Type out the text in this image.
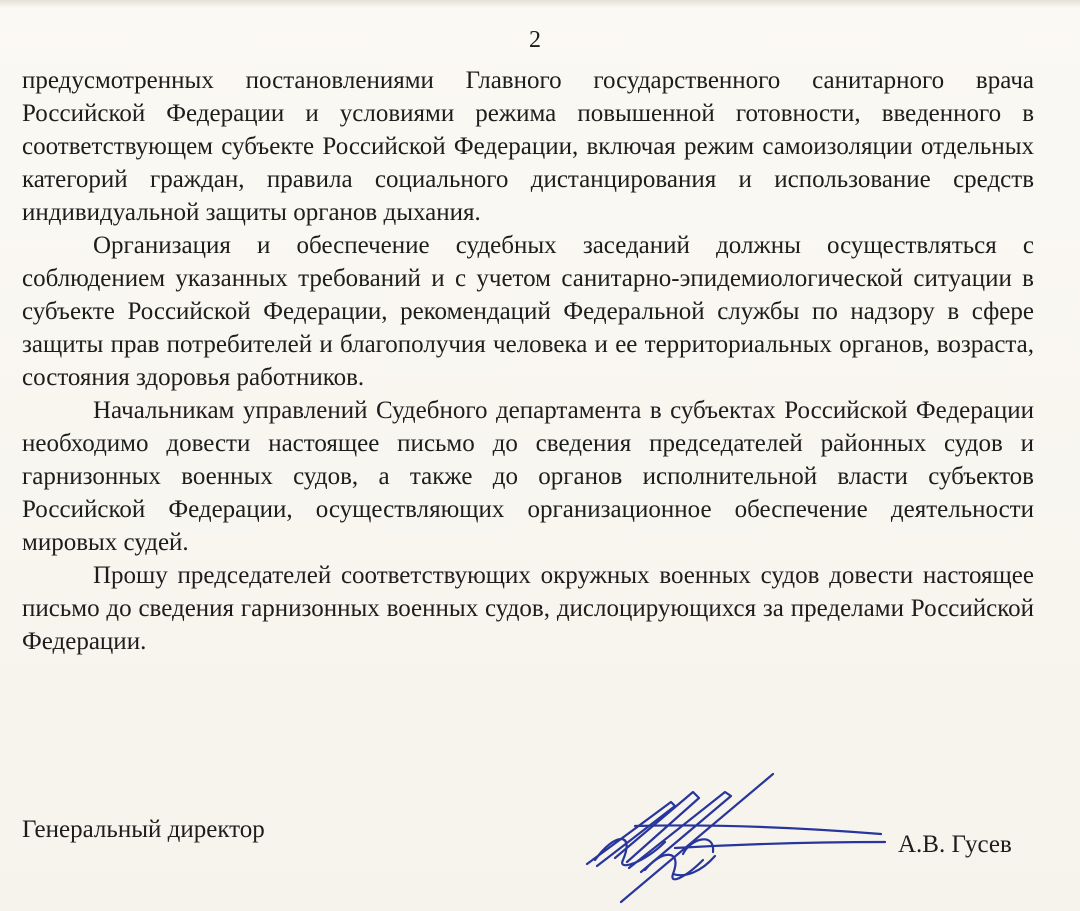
2

предусмотренных постановлениями Главного государственного санитарного врача Российской Федерации и условиями режима повышенной готовности, введенного в соответствующем субъекте Российской Федерации, включая режим самоизоляции отдельных категорий граждан, правила социального дистанцирования и использование средств индивидуальной защиты органов дыхания.

Организация и обеспечение судебных заседаний должны осуществляться с соблюдением указанных требований и с учетом санитарно-эпидемиологической ситуации в субъекте Российской Федерации, рекомендаций Федеральной службы по надзору в сфере защиты прав потребителей и благополучия человека и ее территориальных органов, возраста, состояния здоровья работников.

Начальникам управлений Судебного департамента в субъектах Российской Федерации необходимо довести настоящее письмо до сведения председателей районных судов и гарнизонных военных судов, а также до органов исполнительной власти субъектов Российской Федерации, осуществляющих организационное обеспечение деятельности мировых судей.

Прошу председателей соответствующих окружных военных судов довести настоящее письмо до сведения гарнизонных военных судов, дислоцирующихся за пределами Российской Федерации.

Генеральный директор
А.В. Гусев
